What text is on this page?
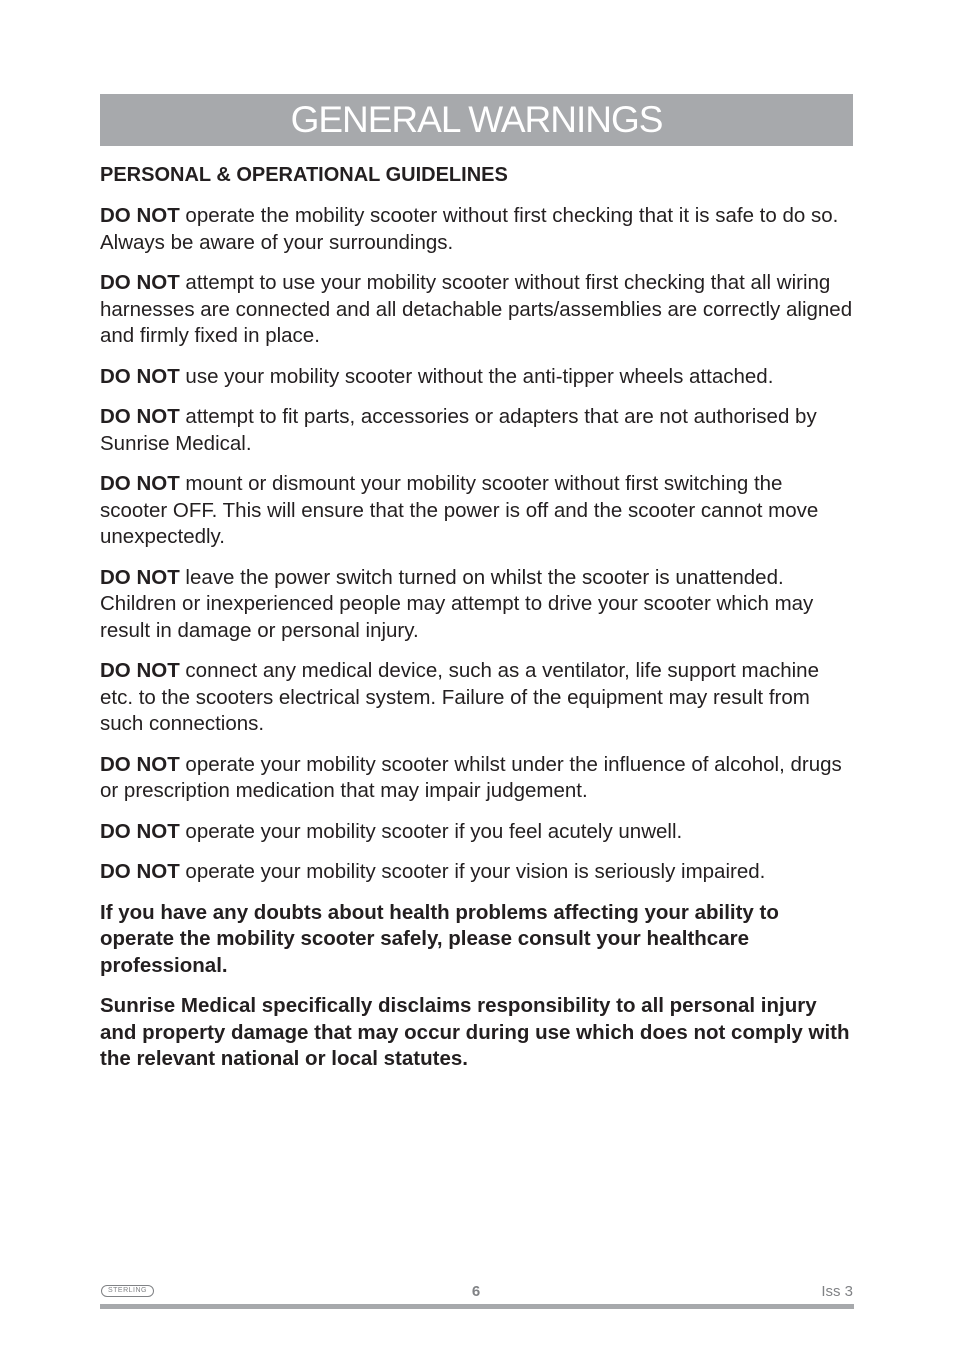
GENERAL WARNINGS
PERSONAL & OPERATIONAL GUIDELINES

DO NOT operate the mobility scooter without first checking that it is safe to do so. Always be aware of your surroundings.

DO NOT attempt to use your mobility scooter without first checking that all wiring harnesses are connected and all detachable parts/assemblies are correctly aligned and firmly fixed in place.

DO NOT use your mobility scooter without the anti-tipper wheels attached.

DO NOT attempt to fit parts, accessories or adapters that are not authorised by Sunrise Medical.

DO NOT mount or dismount your mobility scooter without first switching the scooter OFF. This will ensure that the power is off and the scooter cannot move unexpectedly.

DO NOT leave the power switch turned on whilst the scooter is unattended. Children or inexperienced people may attempt to drive your scooter which may result in damage or personal injury.

DO NOT connect any medical device, such as a ventilator, life support machine etc. to the scooters electrical system. Failure of the equipment may result from such connections.

DO NOT operate your mobility scooter whilst under the influence of alcohol, drugs or prescription medication that may impair judgement.

DO NOT operate your mobility scooter if you feel acutely unwell.

DO NOT operate your mobility scooter if your vision is seriously impaired.

If you have any doubts about health problems affecting your ability to operate the mobility scooter safely, please consult your healthcare professional.

Sunrise Medical specifically disclaims responsibility to all personal injury and property damage that may occur during use which does not comply with the relevant national or local statutes.

STERLING	6	Iss 3
